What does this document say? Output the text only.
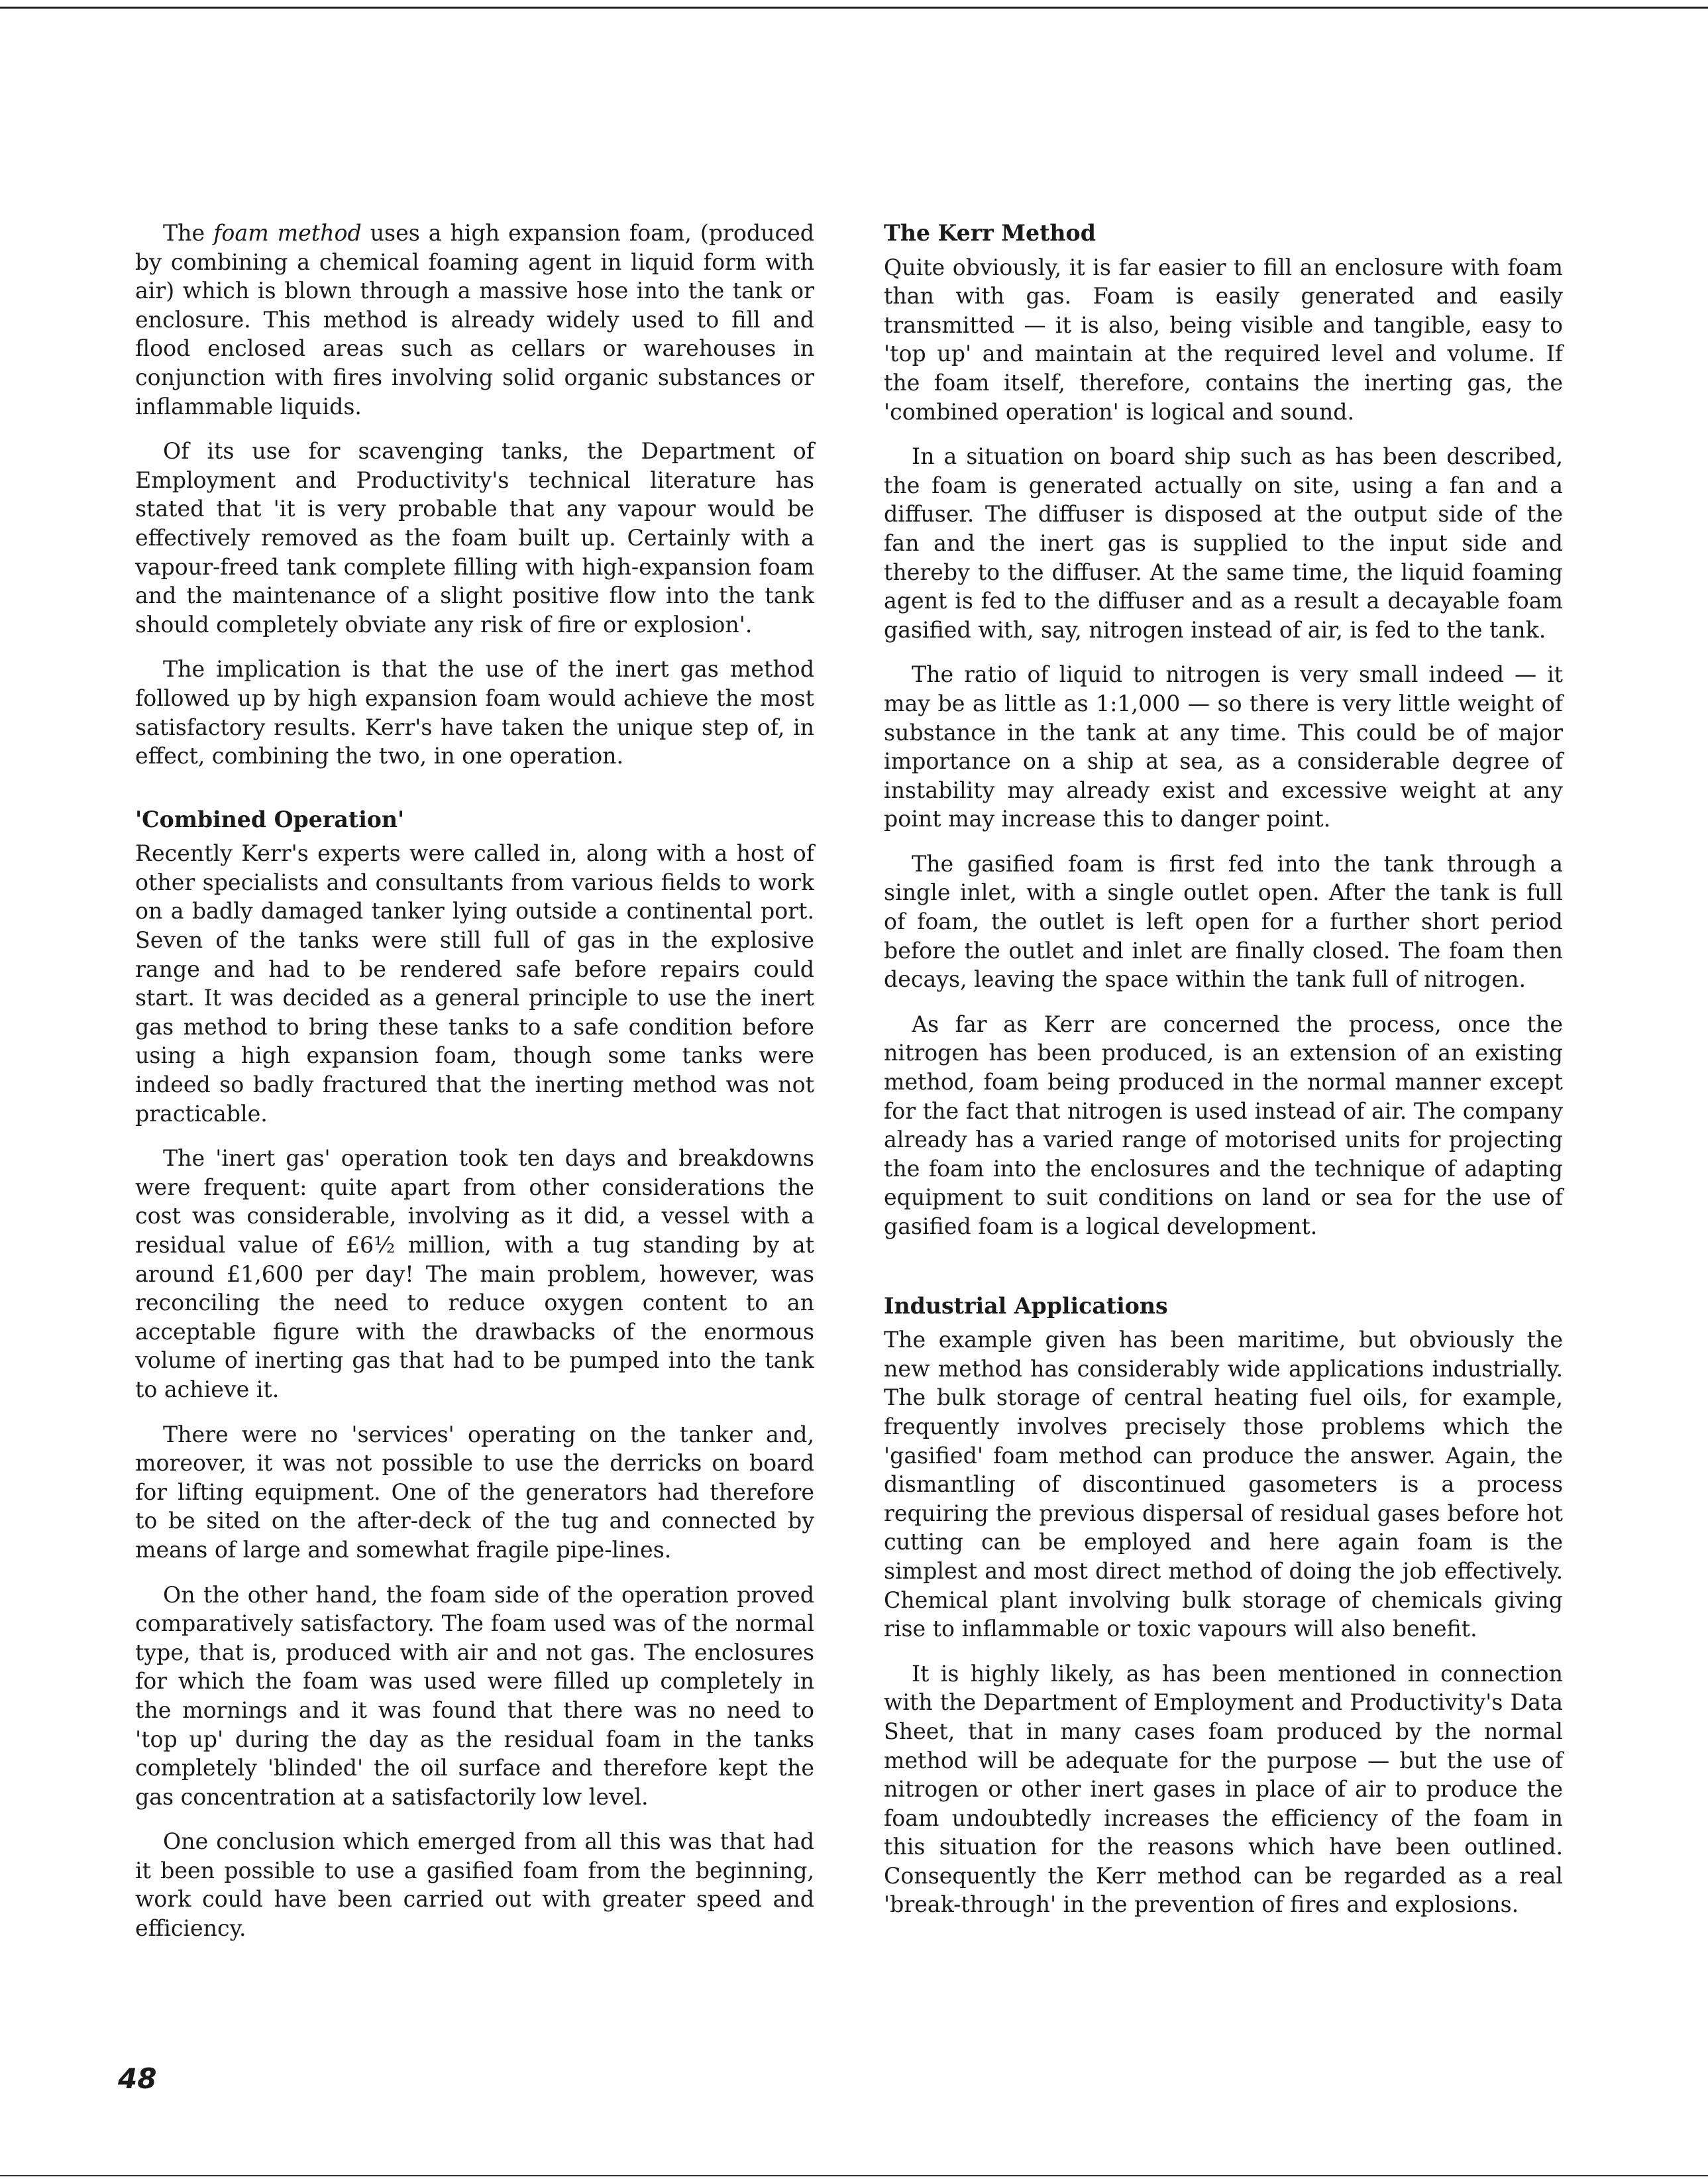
The foam method uses a high expansion foam, (produced by combining a chemical foaming agent in liquid form with air) which is blown through a massive hose into the tank or enclosure. This method is already widely used to fill and flood enclosed areas such as cellars or warehouses in conjunction with fires involving solid organic substances or inflammable liquids.

Of its use for scavenging tanks, the Department of Employment and Productivity's technical literature has stated that 'it is very probable that any vapour would be effectively removed as the foam built up. Certainly with a vapour-freed tank complete filling with high-expansion foam and the maintenance of a slight positive flow into the tank should completely obviate any risk of fire or explosion'.

The implication is that the use of the inert gas method followed up by high expansion foam would achieve the most satisfactory results. Kerr's have taken the unique step of, in effect, combining the two, in one operation.

'Combined Operation'

Recently Kerr's experts were called in, along with a host of other specialists and consultants from various fields to work on a badly damaged tanker lying outside a continental port. Seven of the tanks were still full of gas in the explosive range and had to be rendered safe before repairs could start. It was decided as a general principle to use the inert gas method to bring these tanks to a safe condition before using a high expansion foam, though some tanks were indeed so badly fractured that the inerting method was not practicable.

The 'inert gas' operation took ten days and breakdowns were frequent: quite apart from other considerations the cost was considerable, involving as it did, a vessel with a residual value of £6½ million, with a tug standing by at around £1,600 per day! The main problem, however, was reconciling the need to reduce oxygen content to an acceptable figure with the drawbacks of the enormous volume of inerting gas that had to be pumped into the tank to achieve it.

There were no 'services' operating on the tanker and, moreover, it was not possible to use the derricks on board for lifting equipment. One of the generators had therefore to be sited on the after-deck of the tug and connected by means of large and somewhat fragile pipe-lines.

On the other hand, the foam side of the operation proved comparatively satisfactory. The foam used was of the normal type, that is, produced with air and not gas. The enclosures for which the foam was used were filled up completely in the mornings and it was found that there was no need to 'top up' during the day as the residual foam in the tanks completely 'blinded' the oil surface and therefore kept the gas concentration at a satisfactorily low level.

One conclusion which emerged from all this was that had it been possible to use a gasified foam from the beginning, work could have been carried out with greater speed and efficiency.

The Kerr Method

Quite obviously, it is far easier to fill an enclosure with foam than with gas. Foam is easily generated and easily transmitted — it is also, being visible and tangible, easy to 'top up' and maintain at the required level and volume. If the foam itself, therefore, contains the inerting gas, the 'combined operation' is logical and sound.

In a situation on board ship such as has been described, the foam is generated actually on site, using a fan and a diffuser. The diffuser is disposed at the output side of the fan and the inert gas is supplied to the input side and thereby to the diffuser. At the same time, the liquid foaming agent is fed to the diffuser and as a result a decayable foam gasified with, say, nitrogen instead of air, is fed to the tank.

The ratio of liquid to nitrogen is very small indeed — it may be as little as 1:1,000 — so there is very little weight of substance in the tank at any time. This could be of major importance on a ship at sea, as a considerable degree of instability may already exist and excessive weight at any point may increase this to danger point.

The gasified foam is first fed into the tank through a single inlet, with a single outlet open. After the tank is full of foam, the outlet is left open for a further short period before the outlet and inlet are finally closed. The foam then decays, leaving the space within the tank full of nitrogen.

As far as Kerr are concerned the process, once the nitrogen has been produced, is an extension of an existing method, foam being produced in the normal manner except for the fact that nitrogen is used instead of air. The company already has a varied range of motorised units for projecting the foam into the enclosures and the technique of adapting equipment to suit conditions on land or sea for the use of gasified foam is a logical development.

Industrial Applications

The example given has been maritime, but obviously the new method has considerably wide applications industrially. The bulk storage of central heating fuel oils, for example, frequently involves precisely those problems which the 'gasified' foam method can produce the answer. Again, the dismantling of discontinued gasometers is a process requiring the previous dispersal of residual gases before hot cutting can be employed and here again foam is the simplest and most direct method of doing the job effectively. Chemical plant involving bulk storage of chemicals giving rise to inflammable or toxic vapours will also benefit.

It is highly likely, as has been mentioned in connection with the Department of Employment and Productivity's Data Sheet, that in many cases foam produced by the normal method will be adequate for the purpose — but the use of nitrogen or other inert gases in place of air to produce the foam undoubtedly increases the efficiency of the foam in this situation for the reasons which have been outlined. Consequently the Kerr method can be regarded as a real 'break-through' in the prevention of fires and explosions.

48
